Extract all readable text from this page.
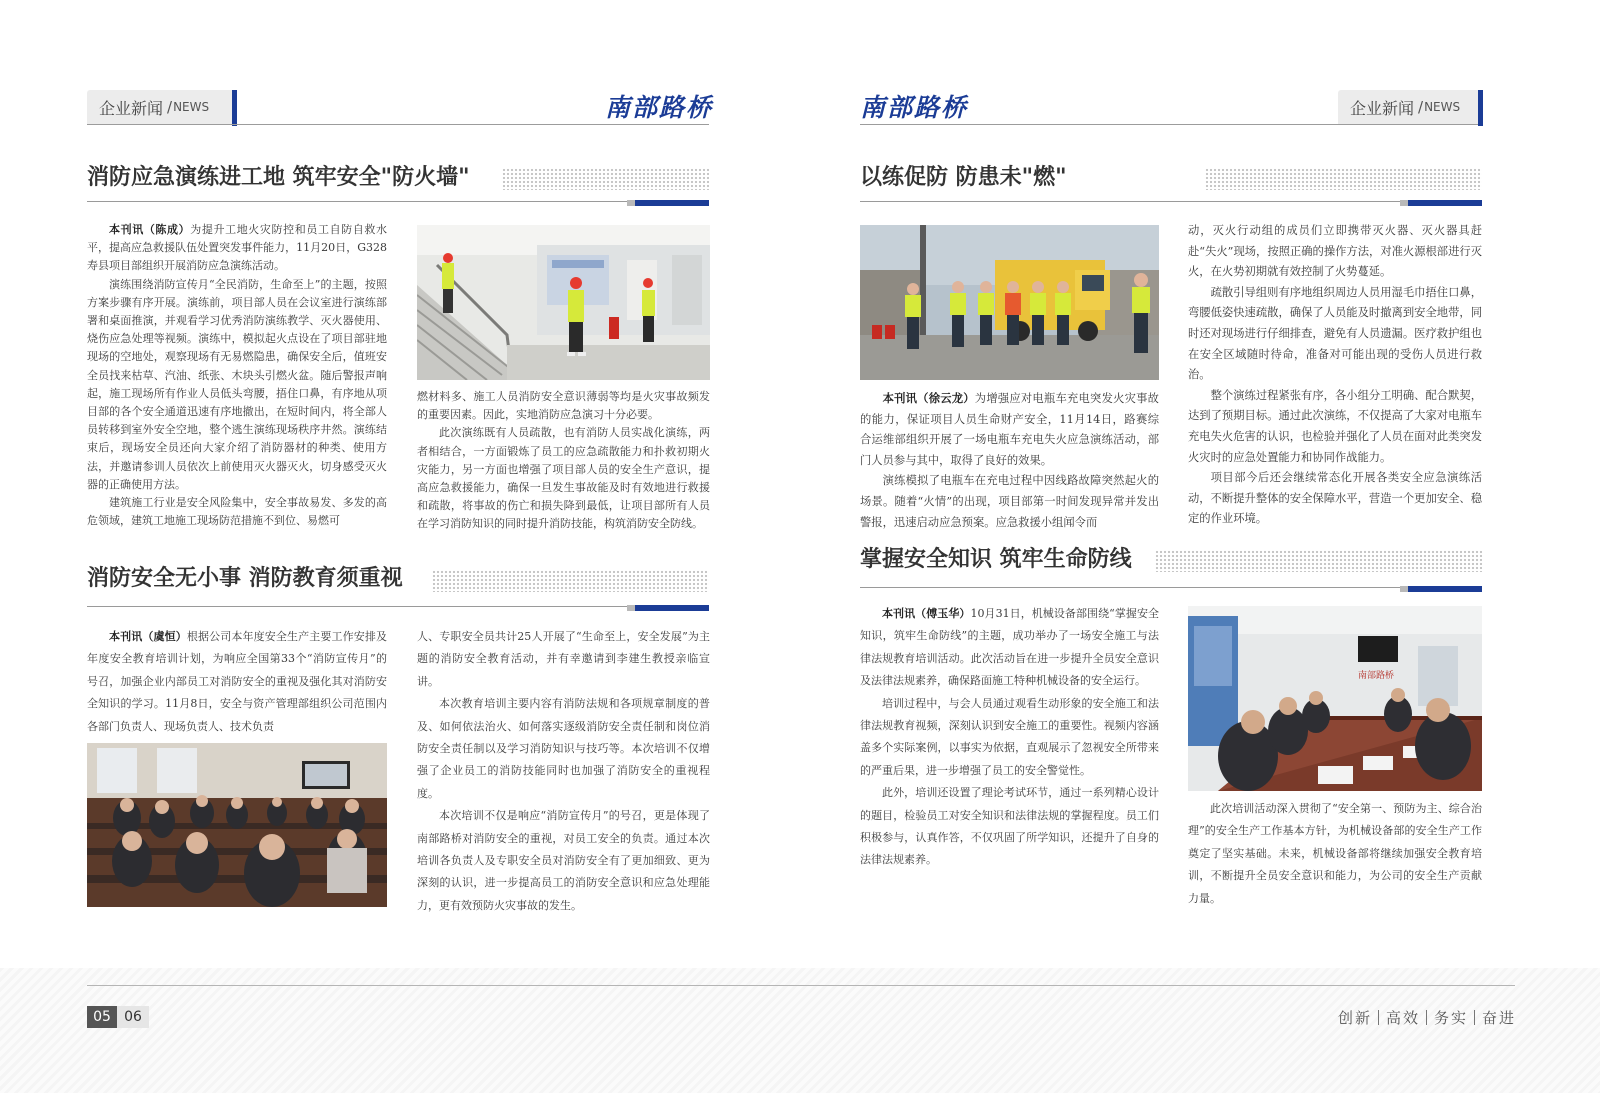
企业新闻 / NEWS	南部路桥	南部路桥	企业新闻 / NEWS
消防应急演练进工地 筑牢安全"防火墙"

本刊讯（陈成）为提升工地火灾防控和员工自防自救水平，提高应急救援队伍处置突发事件能力，11月20日，G328寿县项目部组织开展消防应急演练活动。

演练围绕消防宣传月“全民消防，生命至上”的主题，按照方案步骤有序开展。演练前，项目部人员在会议室进行演练部署和桌面推演，并观看学习优秀消防演练教学、灭火器使用、烧伤应急处理等视频。演练中，模拟起火点设在了项目部驻地现场的空地处，观察现场有无易燃隐患，确保安全后，值班安全员找来枯草、汽油、纸张、木块头引燃火盆。随后警报声响起，施工现场所有作业人员低头弯腰，捂住口鼻，有序地从项目部的各个安全通道迅速有序地撤出，在短时间内，将全部人员转移到室外安全空地，整个逃生演练现场秩序井然。演练结束后，现场安全员还向大家介绍了消防器材的种类、使用方法，并邀请参训人员依次上前使用灭火器灭火，切身感受灭火器的正确使用方法。

建筑施工行业是安全风险集中，安全事故易发、多发的高危领域，建筑工地施工现场防范措施不到位、易燃可

燃材料多、施工人员消防安全意识薄弱等均是火灾事故频发的重要因素。因此，实地消防应急演习十分必要。

此次演练既有人员疏散，也有消防人员实战化演练，两者相结合，一方面锻炼了员工的应急疏散能力和扑救初期火灾能力，另一方面也增强了项目部人员的安全生产意识，提高应急救援能力，确保一旦发生事故能及时有效地进行救援和疏散，将事故的伤亡和损失降到最低，让项目部所有人员在学习消防知识的同时提升消防技能，构筑消防安全防线。

消防安全无小事 消防教育须重视

本刊讯（虞恒）根据公司本年度安全生产主要工作安排及年度安全教育培训计划，为响应全国第33个“消防宣传月”的号召，加强企业内部员工对消防安全的重视及强化其对消防安全知识的学习。11月8日，安全与资产管理部组织公司范围内各部门负责人、现场负责人、技术负责

人、专职安全员共计25人开展了“生命至上，安全发展”为主题的消防安全教育活动，并有幸邀请到李建生教授亲临宣讲。

本次教育培训主要内容有消防法规和各项规章制度的普及、如何依法治火、如何落实逐级消防安全责任制和岗位消防安全责任制以及学习消防知识与技巧等。本次培训不仅增强了企业员工的消防技能同时也加强了消防安全的重视程度。

本次培训不仅是响应“消防宣传月”的号召，更是体现了南部路桥对消防安全的重视，对员工安全的负责。通过本次培训各负责人及专职安全员对消防安全有了更加细致、更为深刻的认识，进一步提高员工的消防安全意识和应急处理能力，更有效预防火灾事故的发生。

以练促防 防患未"燃"

本刊讯（徐云龙）为增强应对电瓶车充电突发火灾事故的能力，保证项目人员生命财产安全，11月14日，路赛综合运维部组织开展了一场电瓶车充电失火应急演练活动，部门人员参与其中，取得了良好的效果。

演练模拟了电瓶车在充电过程中因线路故障突然起火的场景。随着“火情”的出现，项目部第一时间发现异常并发出警报，迅速启动应急预案。应急救援小组闻令而

动，灭火行动组的成员们立即携带灭火器、灭火器具赶赴“失火”现场，按照正确的操作方法，对准火源根部进行灭火，在火势初期就有效控制了火势蔓延。

疏散引导组则有序地组织周边人员用湿毛巾捂住口鼻，弯腰低姿快速疏散，确保了人员能及时撤离到安全地带，同时还对现场进行仔细排查，避免有人员遗漏。医疗救护组也在安全区域随时待命，准备对可能出现的受伤人员进行救治。

整个演练过程紧张有序，各小组分工明确、配合默契，达到了预期目标。通过此次演练，不仅提高了大家对电瓶车充电失火危害的认识，也检验并强化了人员在面对此类突发火灾时的应急处置能力和协同作战能力。

项目部今后还会继续常态化开展各类安全应急演练活动，不断提升整体的安全保障水平，营造一个更加安全、稳定的作业环境。

掌握安全知识 筑牢生命防线

本刊讯（傅玉华）10月31日，机械设备部围绕“掌握安全知识，筑牢生命防线”的主题，成功举办了一场安全施工与法律法规教育培训活动。此次活动旨在进一步提升全员安全意识及法律法规素养，确保路面施工特种机械设备的安全运行。

培训过程中，与会人员通过观看生动形象的安全施工和法律法规教育视频，深刻认识到安全施工的重要性。视频内容涵盖多个实际案例，以事实为依据，直观展示了忽视安全所带来的严重后果，进一步增强了员工的安全警觉性。

此外，培训还设置了理论考试环节，通过一系列精心设计的题目，检验员工对安全知识和法律法规的掌握程度。员工们积极参与，认真作答，不仅巩固了所学知识，还提升了自身的法律法规素养。

南部路桥

此次培训活动深入贯彻了“安全第一、预防为主、综合治理”的安全生产工作基本方针，为机械设备部的安全生产工作奠定了坚实基础。未来，机械设备部将继续加强安全教育培训，不断提升全员安全意识和能力，为公司的安全生产贡献力量。

05 06	创新 高效 务实 奋进
